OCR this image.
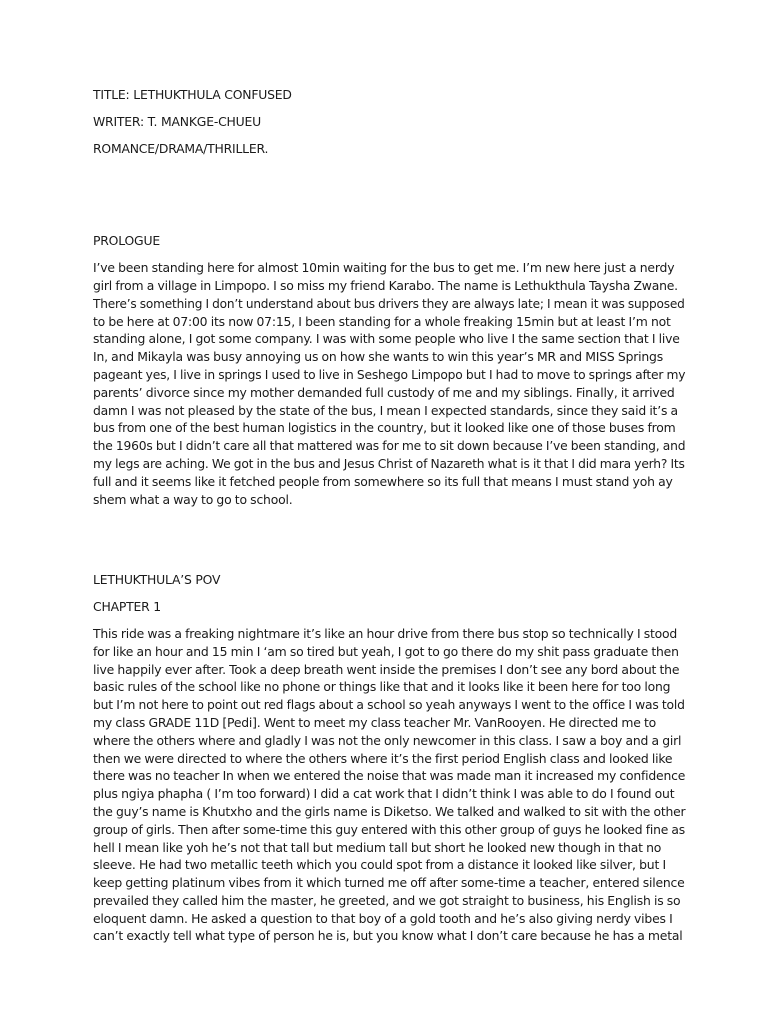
TITLE: LETHUKTHULA CONFUSED

WRITER: T. MANKGE-CHUEU

ROMANCE/DRAMA/THRILLER.

PROLOGUE

I’ve been standing here for almost 10min waiting for the bus to get me. I’m new here just a nerdy
girl from a village in Limpopo. I so miss my friend Karabo. The name is Lethukthula Taysha Zwane.
There’s something I don’t understand about bus drivers they are always late; I mean it was supposed
to be here at 07:00 its now 07:15, I been standing for a whole freaking 15min but at least I’m not
standing alone, I got some company. I was with some people who live I the same section that I live
In, and Mikayla was busy annoying us on how she wants to win this year’s MR and MISS Springs
pageant yes, I live in springs I used to live in Seshego Limpopo but I had to move to springs after my
parents’ divorce since my mother demanded full custody of me and my siblings. Finally, it arrived
damn I was not pleased by the state of the bus, I mean I expected standards, since they said it’s a
bus from one of the best human logistics in the country, but it looked like one of those buses from
the 1960s but I didn’t care all that mattered was for me to sit down because I’ve been standing, and
my legs are aching. We got in the bus and Jesus Christ of Nazareth what is it that I did mara yerh? Its
full and it seems like it fetched people from somewhere so its full that means I must stand yoh ay
shem what a way to go to school.

LETHUKTHULA’S POV

CHAPTER 1

This ride was a freaking nightmare it’s like an hour drive from there bus stop so technically I stood
for like an hour and 15 min I ‘am so tired but yeah, I got to go there do my shit pass graduate then
live happily ever after. Took a deep breath went inside the premises I don’t see any bord about the
basic rules of the school like no phone or things like that and it looks like it been here for too long
but I’m not here to point out red flags about a school so yeah anyways I went to the office I was told
my class GRADE 11D [Pedi]. Went to meet my class teacher Mr. VanRooyen. He directed me to
where the others where and gladly I was not the only newcomer in this class. I saw a boy and a girl
then we were directed to where the others where it’s the first period English class and looked like
there was no teacher In when we entered the noise that was made man it increased my confidence
plus ngiya phapha ( I’m too forward) I did a cat work that I didn’t think I was able to do I found out
the guy’s name is Khutxho and the girls name is Diketso. We talked and walked to sit with the other
group of girls. Then after some-time this guy entered with this other group of guys he looked fine as
hell I mean like yoh he’s not that tall but medium tall but short he looked new though in that no
sleeve. He had two metallic teeth which you could spot from a distance it looked like silver, but I
keep getting platinum vibes from it which turned me off after some-time a teacher, entered silence
prevailed they called him the master, he greeted, and we got straight to business, his English is so
eloquent damn. He asked a question to that boy of a gold tooth and he’s also giving nerdy vibes I
can’t exactly tell what type of person he is, but you know what I don’t care because he has a metal
